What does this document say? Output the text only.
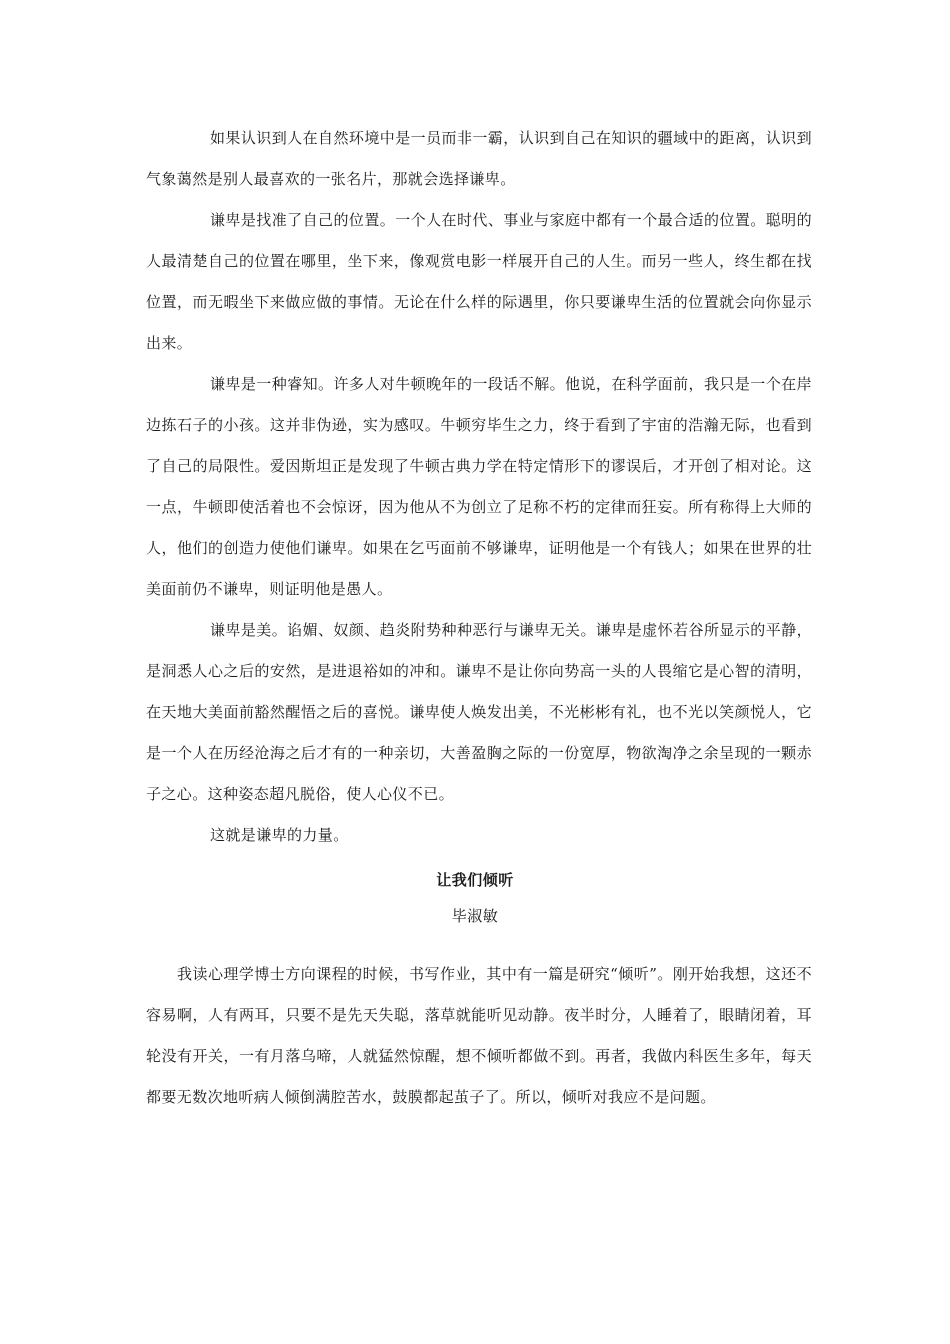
如果认识到人在自然环境中是一员而非一霸，认识到自己在知识的疆域中的距离，认识到气象蔼然是别人最喜欢的一张名片，那就会选择谦卑。

谦卑是找准了自己的位置。一个人在时代、事业与家庭中都有一个最合适的位置。聪明的人最清楚自己的位置在哪里，坐下来，像观赏电影一样展开自己的人生。而另一些人，终生都在找位置，而无暇坐下来做应做的事情。无论在什么样的际遇里，你只要谦卑生活的位置就会向你显示出来。

谦卑是一种睿知。许多人对牛顿晚年的一段话不解。他说，在科学面前，我只是一个在岸边拣石子的小孩。这并非伪逊，实为感叹。牛顿穷毕生之力，终于看到了宇宙的浩瀚无际，也看到了自己的局限性。爱因斯坦正是发现了牛顿古典力学在特定情形下的谬误后，才开创了相对论。这一点，牛顿即使活着也不会惊讶，因为他从不为创立了足称不朽的定律而狂妄。所有称得上大师的人，他们的创造力使他们谦卑。如果在乞丐面前不够谦卑，证明他是一个有钱人；如果在世界的壮美面前仍不谦卑，则证明他是愚人。

谦卑是美。谄媚、奴颜、趋炎附势种种恶行与谦卑无关。谦卑是虚怀若谷所显示的平静，是洞悉人心之后的安然，是进退裕如的冲和。谦卑不是让你向势高一头的人畏缩它是心智的清明，在天地大美面前豁然醒悟之后的喜悦。谦卑使人焕发出美，不光彬彬有礼，也不光以笑颜悦人，它是一个人在历经沧海之后才有的一种亲切，大善盈胸之际的一份宽厚，物欲淘净之余呈现的一颗赤子之心。这种姿态超凡脱俗，使人心仪不已。

这就是谦卑的力量。

让我们倾听
毕淑敏

我读心理学博士方向课程的时候，书写作业，其中有一篇是研究“倾听”。刚开始我想，这还不容易啊，人有两耳，只要不是先天失聪，落草就能听见动静。夜半时分，人睡着了，眼睛闭着，耳轮没有开关，一有月落乌啼，人就猛然惊醒，想不倾听都做不到。再者，我做内科医生多年，每天都要无数次地听病人倾倒满腔苦水，鼓膜都起茧子了。所以，倾听对我应不是问题。
